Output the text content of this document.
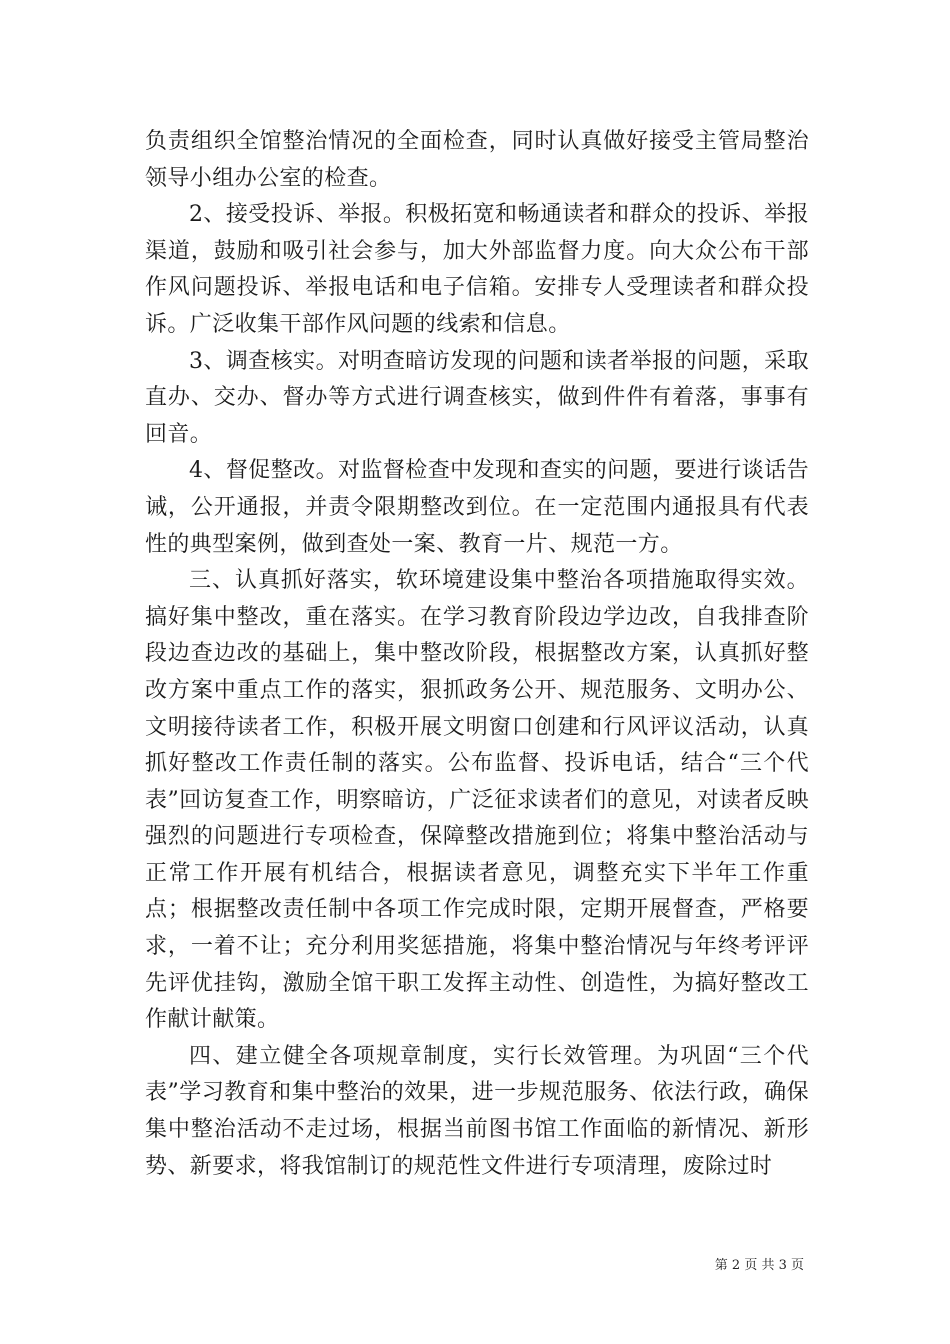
负责组织全馆整治情况的全面检查，同时认真做好接受主管局整治领导小组办公室的检查。

2、接受投诉、举报。积极拓宽和畅通读者和群众的投诉、举报渠道，鼓励和吸引社会参与，加大外部监督力度。向大众公布干部作风问题投诉、举报电话和电子信箱。安排专人受理读者和群众投诉。广泛收集干部作风问题的线索和信息。

3、调查核实。对明查暗访发现的问题和读者举报的问题，采取直办、交办、督办等方式进行调查核实，做到件件有着落，事事有回音。

4、督促整改。对监督检查中发现和查实的问题，要进行谈话告诫，公开通报，并责令限期整改到位。在一定范围内通报具有代表性的典型案例，做到查处一案、教育一片、规范一方。

三、认真抓好落实，软环境建设集中整治各项措施取得实效。搞好集中整改，重在落实。在学习教育阶段边学边改，自我排查阶段边查边改的基础上，集中整改阶段，根据整改方案，认真抓好整改方案中重点工作的落实，狠抓政务公开、规范服务、文明办公、文明接待读者工作，积极开展文明窗口创建和行风评议活动，认真抓好整改工作责任制的落实。公布监督、投诉电话，结合“三个代表”回访复查工作，明察暗访，广泛征求读者们的意见，对读者反映强烈的问题进行专项检查，保障整改措施到位；将集中整治活动与正常工作开展有机结合，根据读者意见，调整充实下半年工作重点；根据整改责任制中各项工作完成时限，定期开展督查，严格要求，一着不让；充分利用奖惩措施，将集中整治情况与年终考评评先评优挂钩，激励全馆干职工发挥主动性、创造性，为搞好整改工作献计献策。

四、建立健全各项规章制度，实行长效管理。为巩固“三个代表”学习教育和集中整治的效果，进一步规范服务、依法行政，确保集中整治活动不走过场，根据当前图书馆工作面临的新情况、新形势、新要求，将我馆制订的规范性文件进行专项清理，废除过时

第 2 页 共 3 页
